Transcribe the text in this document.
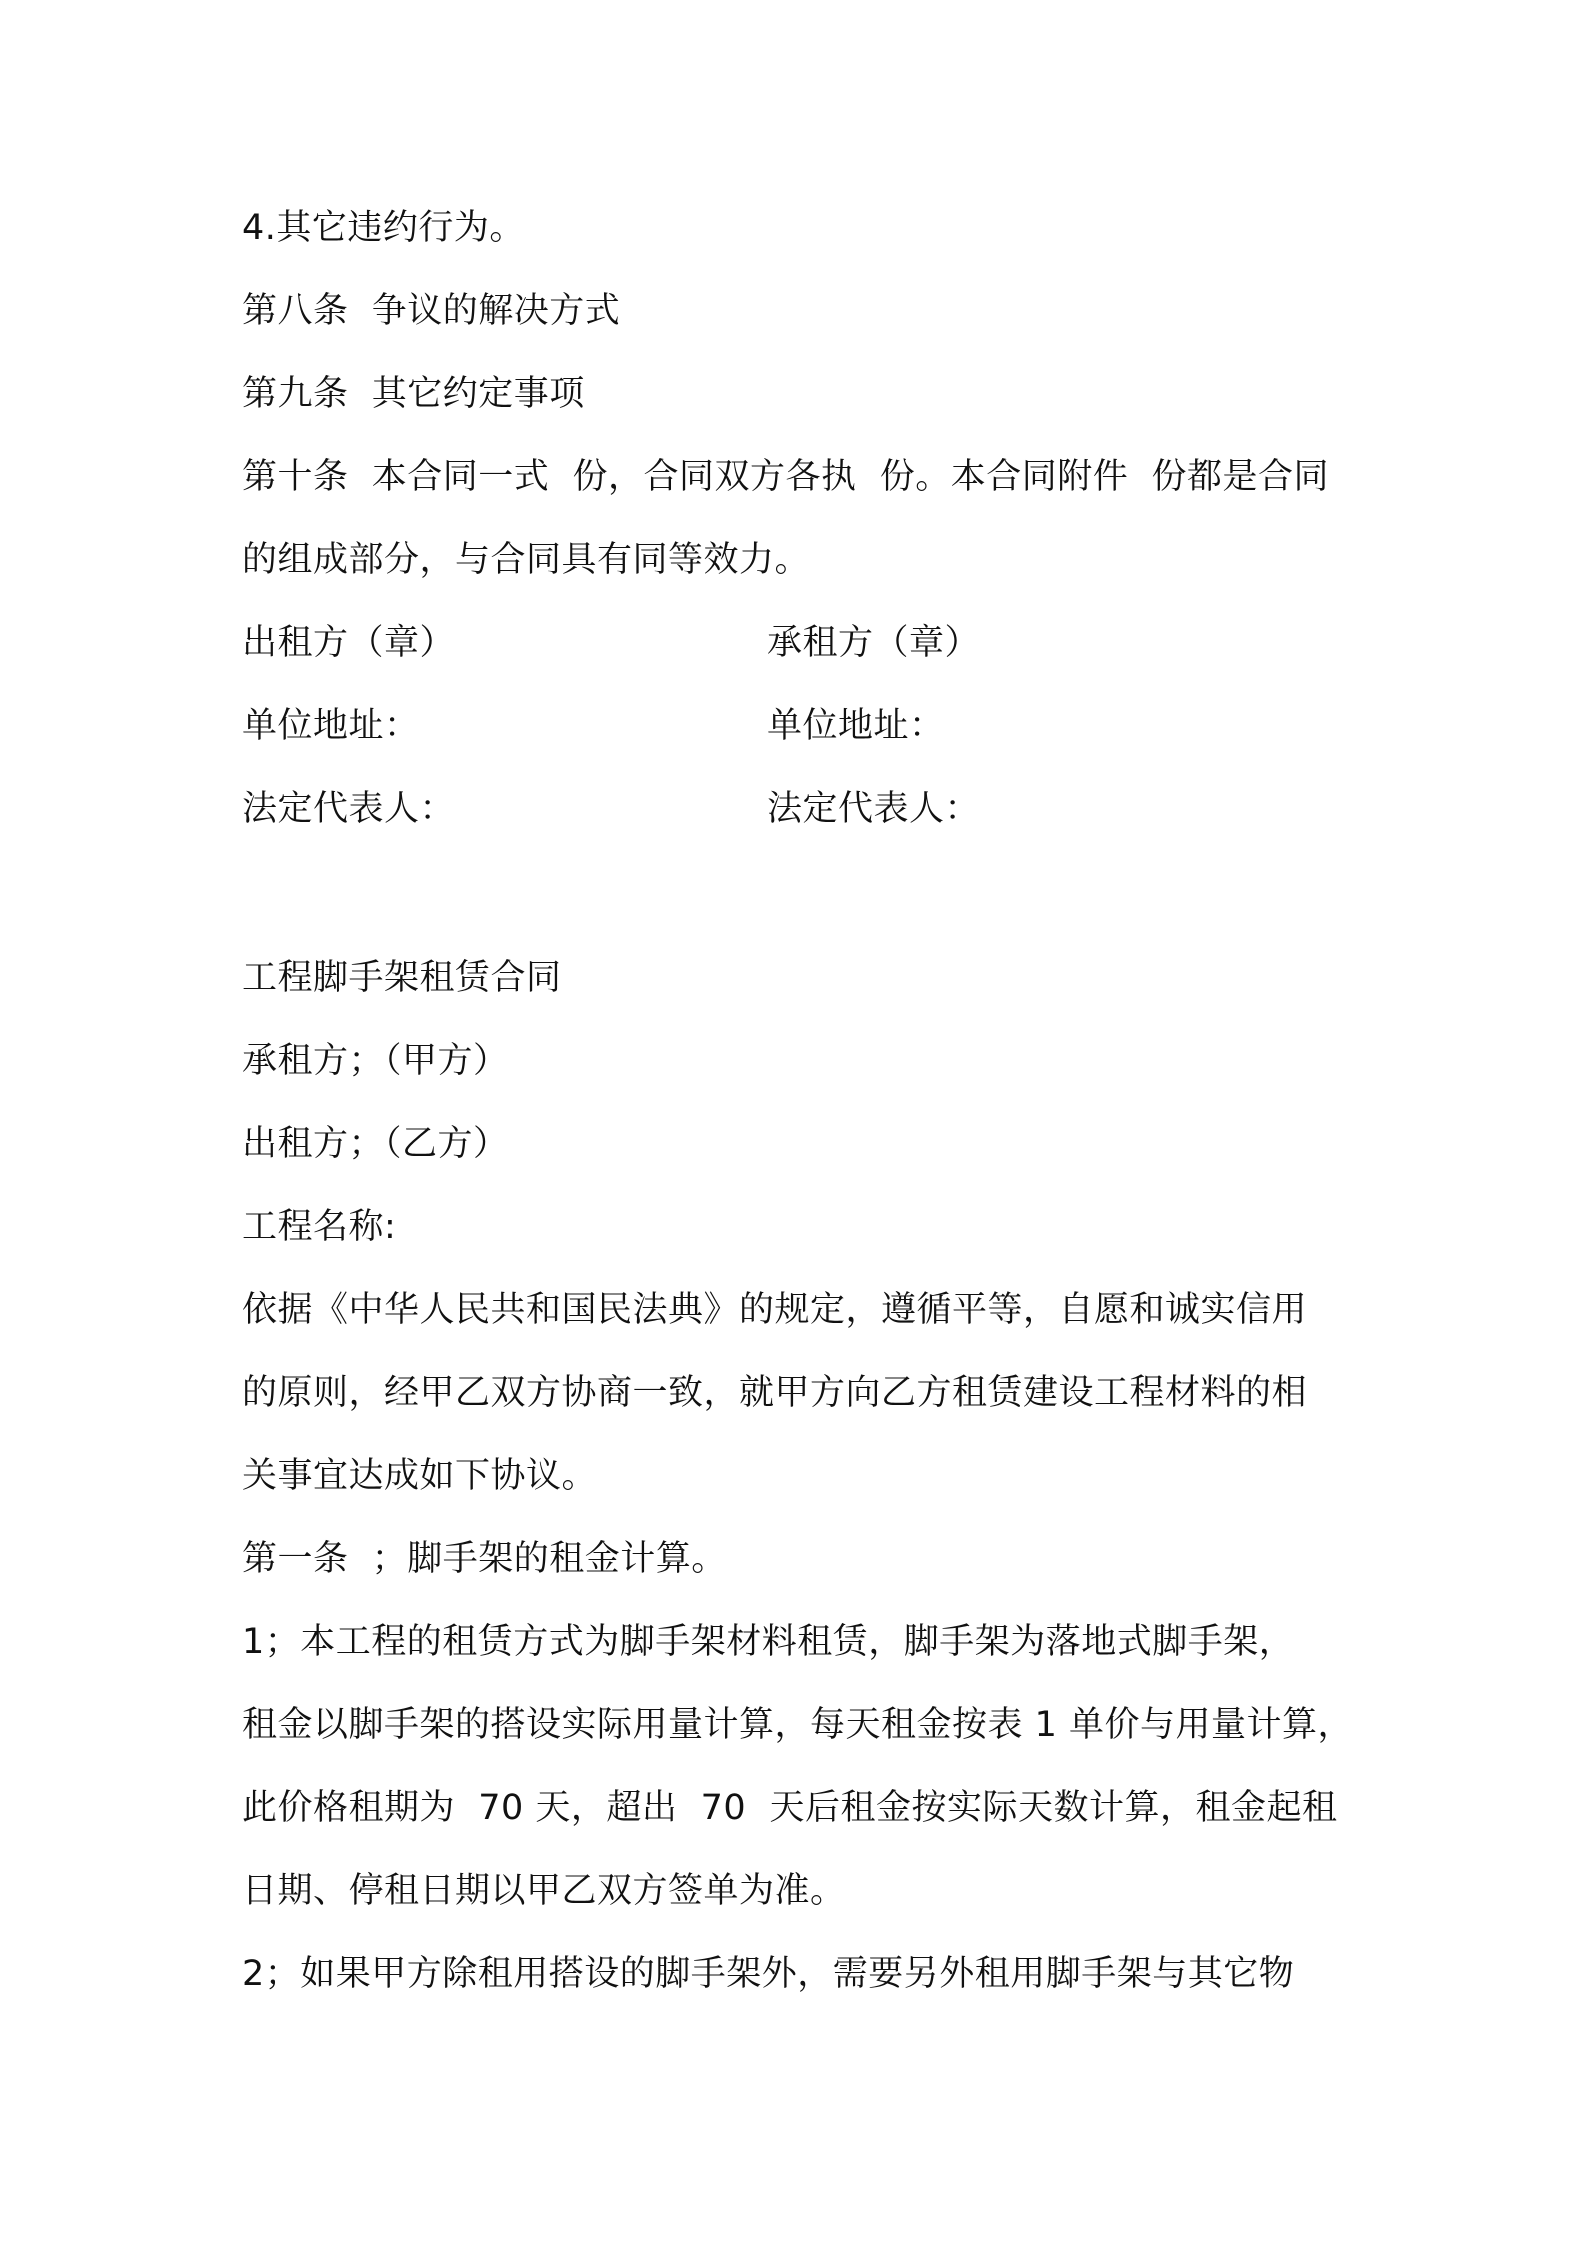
4.其它违约行为。

第八条  争议的解决方式

第九条  其它约定事项

第十条  本合同一式  份，合同双方各执  份。本合同附件  份都是合同

的组成部分，与合同具有同等效力。

出租方（章）	承租方（章）

单位地址：	单位地址：

法定代表人：	法定代表人：

工程脚手架租赁合同

承租方；（甲方）

出租方；（乙方）

工程名称:

依据《中华人民共和国民法典》的规定，遵循平等，自愿和诚实信用

的原则，经甲乙双方协商一致，就甲方向乙方租赁建设工程材料的相

关事宜达成如下协议。

第一条  ；脚手架的租金计算。

1；本工程的租赁方式为脚手架材料租赁，脚手架为落地式脚手架，

租金以脚手架的搭设实际用量计算，每天租金按表 1 单价与用量计算，

此价格租期为  70 天，超出  70  天后租金按实际天数计算，租金起租

日期、停租日期以甲乙双方签单为准。

2；如果甲方除租用搭设的脚手架外，需要另外租用脚手架与其它物
